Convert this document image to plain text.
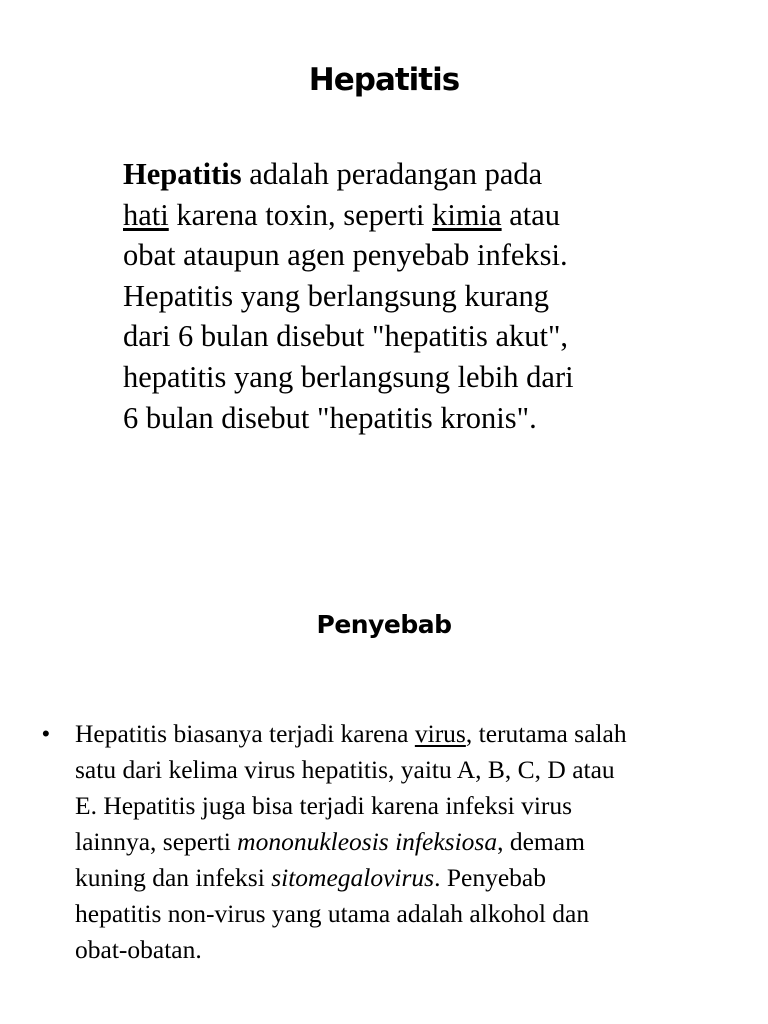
Hepatitis
Hepatitis adalah peradangan pada
hati karena toxin, seperti kimia atau
obat ataupun agen penyebab infeksi.
Hepatitis yang berlangsung kurang
dari 6 bulan disebut "hepatitis akut",
hepatitis yang berlangsung lebih dari
6 bulan disebut "hepatitis kronis".
Penyebab
• Hepatitis biasanya terjadi karena virus, terutama salah
satu dari kelima virus hepatitis, yaitu A, B, C, D atau
E. Hepatitis juga bisa terjadi karena infeksi virus
lainnya, seperti mononukleosis infeksiosa, demam
kuning dan infeksi sitomegalovirus. Penyebab
hepatitis non-virus yang utama adalah alkohol dan
obat-obatan.
